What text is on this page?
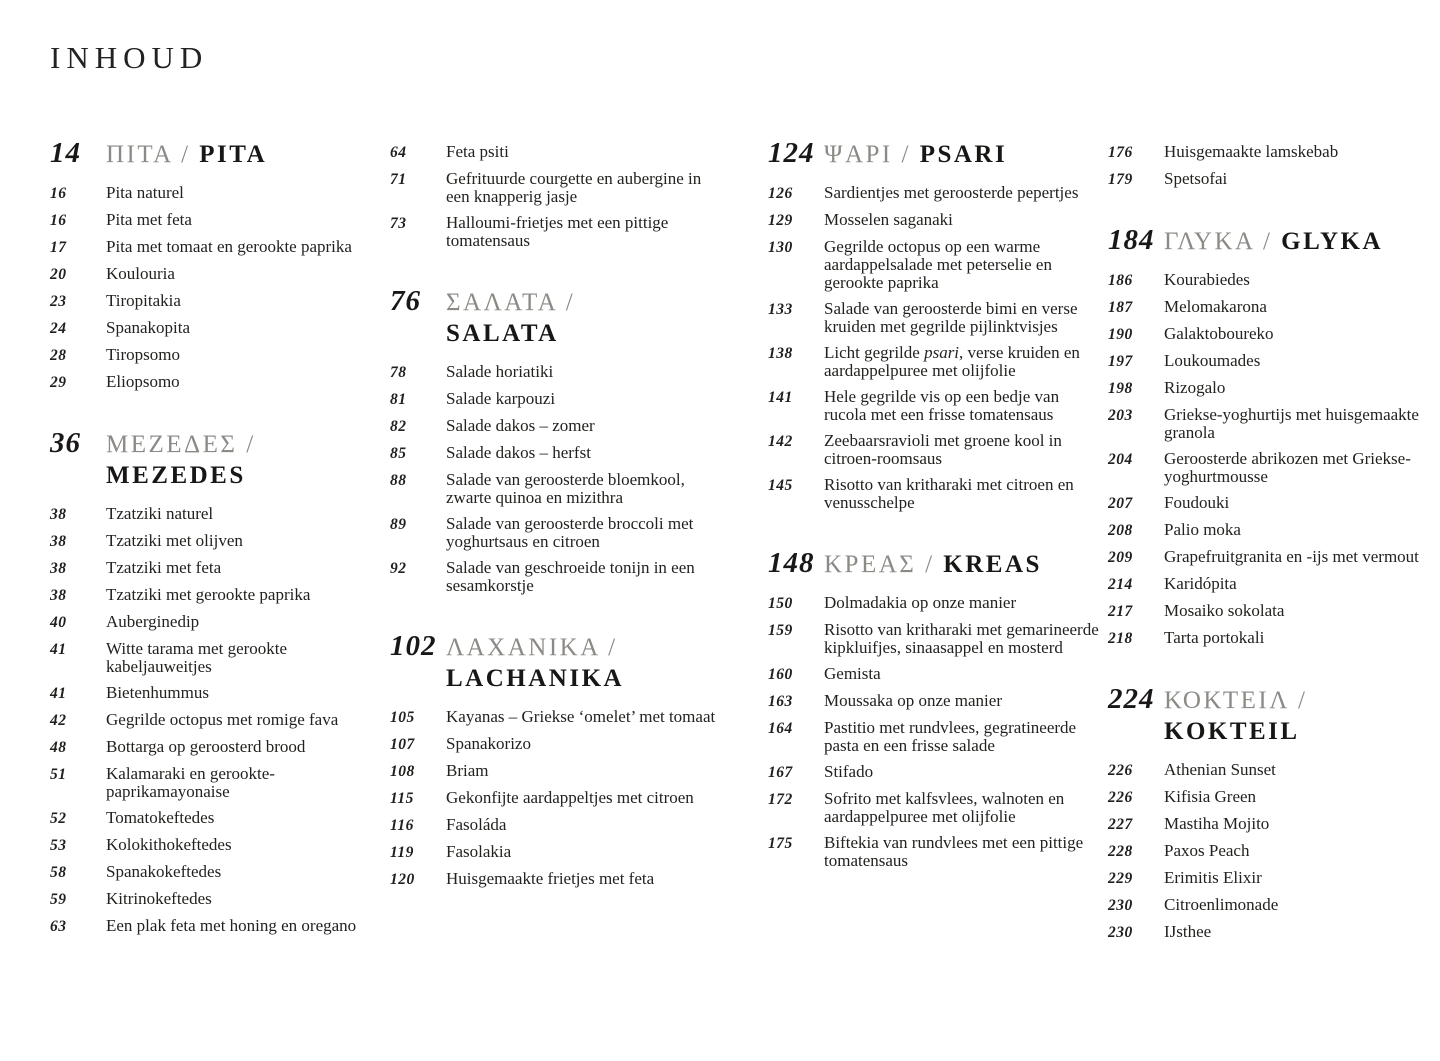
INHOUD
14	ΠΙΤΑ / PITA
16	Pita naturel
16	Pita met feta
17	Pita met tomaat en gerookte paprika
20	Koulouria
23	Tiropitakia
24	Spanakopita
28	Tiropsomo
29	Eliopsomo
36	ΜΕΖΕΔΕΣ /
MEZEDES
38	Tzatziki naturel
38	Tzatziki met olijven
38	Tzatziki met feta
38	Tzatziki met gerookte paprika
40	Auberginedip
41	Witte tarama met gerookte kabeljauweitjes
41	Bietenhummus
42	Gegrilde octopus met romige fava
48	Bottarga op geroosterd brood
51	Kalamaraki en gerookte-paprikamayonaise
52	Tomatokeftedes
53	Kolokithokeftedes
58	Spanakokeftedes
59	Kitrinokeftedes
63	Een plak feta met honing en oregano
64	Feta psiti
71	Gefrituurde courgette en aubergine in een knapperig jasje
73	Halloumi-frietjes met een pittige tomatensaus
76	ΣΑΛΑΤΑ /
SALATA
78	Salade horiatiki
81	Salade karpouzi
82	Salade dakos – zomer
85	Salade dakos – herfst
88	Salade van geroosterde bloemkool, zwarte quinoa en mizithra
89	Salade van geroosterde broccoli met yoghurtsaus en citroen
92	Salade van geschroeide tonijn in een sesamkorstje
102 ΛΑΧΑΝΙΚΑ /
LACHANIKA
105	Kayanas – Griekse ‘omelet’ met tomaat
107	Spanakorizo
108	Briam
115	Gekonfijte aardappeltjes met citroen
116	Fasoláda
119	Fasolakia
120	Huisgemaakte frietjes met feta
124 ΨΑΡΙ / PSARI
126	Sardientjes met geroosterde pepertjes
129	Mosselen saganaki
130	Gegrilde octopus op een warme aardappelsalade met peterselie en gerookte paprika
133	Salade van geroosterde bimi en verse kruiden met gegrilde pijlinktvisjes
138	Licht gegrilde psari, verse kruiden en aardappelpuree met olijfolie
141	Hele gegrilde vis op een bedje van rucola met een frisse tomatensaus
142	Zeebaarsravioli met groene kool in citroen-roomsaus
145	Risotto van kritharaki met citroen en venusschelpe
148 ΚΡΕΑΣ / KREAS
150	Dolmadakia op onze manier
159	Risotto van kritharaki met gemarineerde kipkluifjes, sinaasappel en mosterd
160	Gemista
163	Moussaka op onze manier
164	Pastitio met rundvlees, gegratineerde pasta en een frisse salade
167	Stifado
172	Sofrito met kalfsvlees, walnoten en aardappelpuree met olijfolie
175	Biftekia van rundvlees met een pittige tomatensaus
176	Huisgemaakte lamskebab
179	Spetsofai
184 ΓΛΥΚΑ / GLYKA
186	Kourabiedes
187	Melomakarona
190	Galaktoboureko
197	Loukoumades
198	Rizogalo
203	Griekse-yoghurtijs met huisgemaakte granola
204	Geroosterde abrikozen met Griekse-yoghurtmousse
207	Foudouki
208	Palio moka
209	Grapefruitgranita en -ijs met vermout
214	Karidópita
217	Mosaiko sokolata
218	Tarta portokali
224 ΚΟΚΤΕΙΛ /
KOKTEIL
226	Athenian Sunset
226	Kifisia Green
227	Mastiha Mojito
228	Paxos Peach
229	Erimitis Elixir
230	Citroenlimonade
230	IJsthee
